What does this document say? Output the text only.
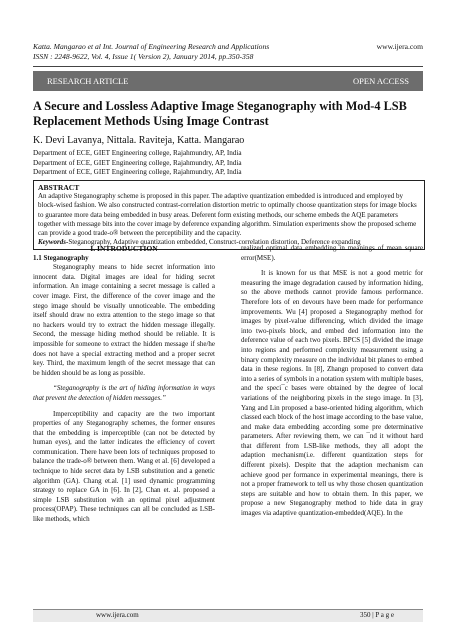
Katta. Mangarao et al Int. Journal of Engineering Research and Applications
ISSN : 2248-9622, Vol. 4, Issue 1( Version 2), January 2014, pp.350-358
www.ijera.com
RESEARCH ARTICLE	OPEN ACCESS
A Secure and Lossless Adaptive Image Steganography with Mod-4 LSB Replacement Methods Using Image Contrast
K. Devi Lavanya, Nittala. Raviteja, Katta. Mangarao
Department of ECE, GIET Engineering college, Rajahmundry, AP, India
Department of ECE, GIET Engineering college, Rajahmundry, AP, India
Department of ECE, GIET Engineering college, Rajahmundry, AP, India
ABSTRACT
An adaptive Steganography scheme is proposed in this paper. The adaptive quantization embedded is introduced and employed by block-wised fashion. We also constructed contrast-correlation distortion metric to optimally choose quantization steps for image blocks to guarantee more data being embedded in busy areas. Deferent form existing methods, our scheme embeds the AQE parameters together with message bits into the cover image by deference expanding algorithm. Simulation experiments show the proposed scheme can provide a good trade-o® between the perceptibility and the capacity.
Keywords-Steganography, Adaptive quantization embedded, Construct-correlation distortion, Deference expanding
I. INTRODUCTION
1.1 Steganography

Steganography means to hide secret information into innocent data. Digital images are ideal for hiding secret information. An image containing a secret message is called a cover image. First, the difference of the cover image and the stego image should be visually unnoticeable. The embedding itself should draw no extra attention to the stego image so that no hackers would try to extract the hidden message illegally. Second, the message hiding method should be reliable. It is impossible for someone to extract the hidden message if she/he does not have a special extracting method and a proper secret key. Third, the maximum length of the secret message that can be hidden should be as long as possible.

“Steganography is the art of hiding information in ways that prevent the detection of hidden messages.”

Imperceptibility and capacity are the two important properties of any Steganography schemes, the former ensures that the embedding is imperceptible (can not be detected by human eyes), and the latter indicates the efficiency of covert communication. There have been lots of techniques proposed to balance the trade-o® between them. Wang et al. [6] developed a technique to hide secret data by LSB substitution and a genetic algorithm (GA). Chang et.al. [1] used dynamic programming strategy to replace GA in [6]. In [2], Chan et. al. proposed a simple LSB substitution with an optimal pixel adjustment process(OPAP). These techniques can all be concluded as LSB-like methods, which

realized optimal data embedding in meanings of mean square error(MSE).

It is known for us that MSE is not a good metric for measuring the image degradation caused by information hiding, so the above methods cannot provide famous performance. Therefore lots of en devours have been made for performance improvements. Wu [4] proposed a Steganography method for images by pixel-value differencing, which divided the image into two-pixels block, and embed ded information into the deference value of each two pixels. BPCS [5] divided the image into regions and performed complexity measurement using a binary complexity measure on the individual bit planes to embed data in these regions. In [8], Zhangn proposed to convert data into a series of symbols in a notation system with multiple bases, and the speci¯c bases were obtained by the degree of local variations of the neighboring pixels in the stego image. In [3], Yang and Lin proposed a base-oriented hiding algorithm, which classed each block of the host image according to the base value, and make data embedding according some pre determinative parameters. After reviewing them, we can ¯nd it without hard that different from LSB-like methods, they all adopt the adaption mechanism(i.e. different quantization steps for different pixels). Despite that the adaption mechanism can achieve good per formance in experimental meanings, there is not a proper framework to tell us why those chosen quantization steps are suitable and how to obtain them. In this paper, we propose a new Steganography method to hide data in gray images via adaptive quantization-embedded(AQE). In the

www.ijera.com	350 | P a g e
